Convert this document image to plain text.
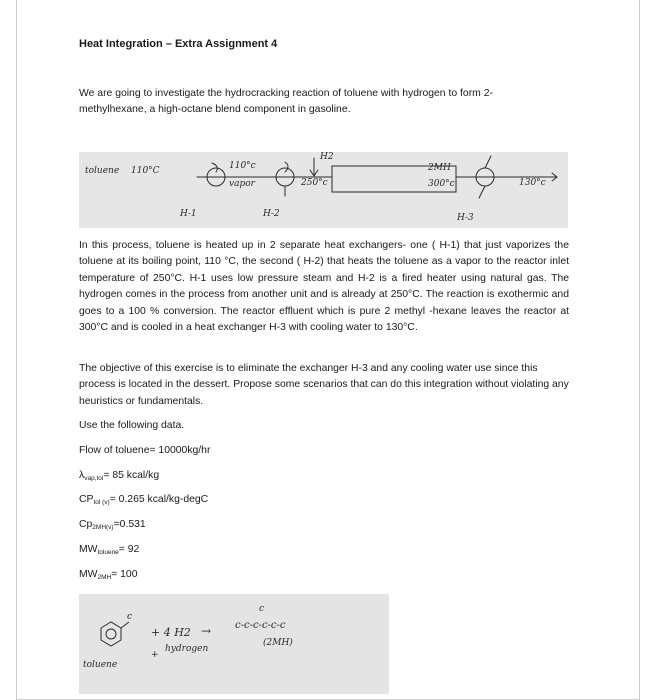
Heat Integration – Extra Assignment 4

We are going to investigate the hydrocracking reaction of toluene with hydrogen to form 2-methylhexane, a high-octane blend component in gasoline.

toluene 110°C	110°c
vapor	250°c
H2
2MH
300°c	130°c
H-1	H-2	H-3

In this process, toluene is heated up in 2 separate heat exchangers- one ( H-1) that just vaporizes the toluene at its boiling point, 110 °C, the second ( H-2) that heats the toluene as a vapor to the reactor inlet temperature of 250°C. H-1 uses low pressure steam and H-2 is a fired heater using natural gas. The hydrogen comes in the process from another unit and is already at 250°C. The reaction is exothermic and goes to a 100 % conversion. The reactor effluent which is pure 2 methyl -hexane leaves the reactor at 300°C and is cooled in a heat exchanger H-3 with cooling water to 130°C.

The objective of this exercise is to eliminate the exchanger H-3 and any cooling water use since this process is located in the dessert. Propose some scenarios that can do this integration without violating any heuristics or fundamentals.

Use the following data.
Flow of toluene= 10000kg/hr
$\lambda_{vap,tol}= 85$ kcal/kg
$CP_{tol (v)}= 0.265$ kcal/kg-degC
$Cp_{2MH(v)}=0.531$
$MW_{toluene}= 92$
$MW_{2MH}= 100$
c
+ 4 H2 →
c
c-c-c-c-c-c
(2MH)
toluene
+
hydrogen
